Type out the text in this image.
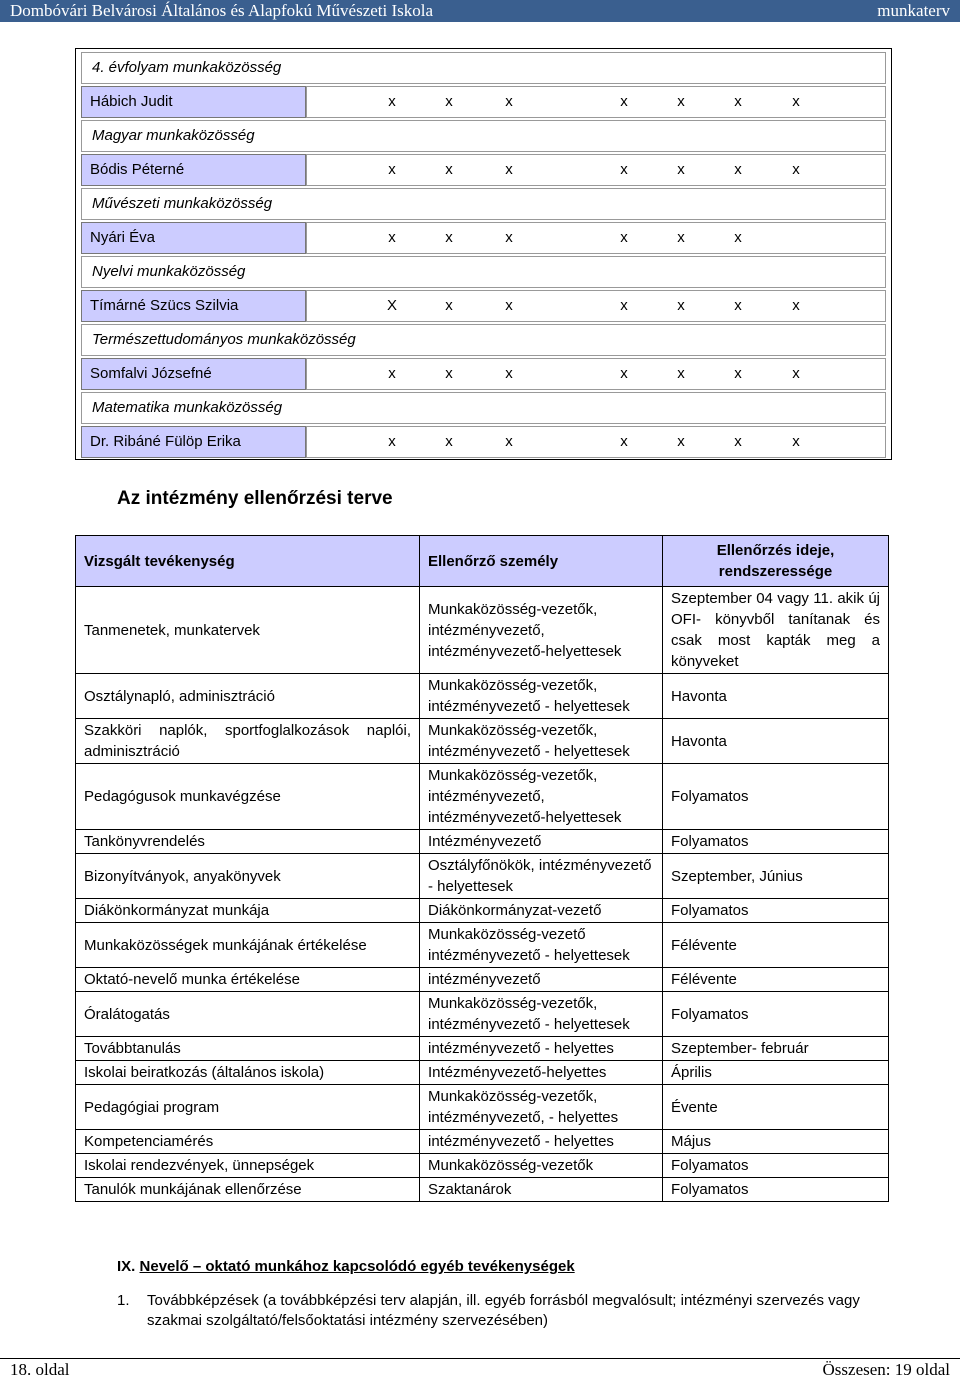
Dombóvári Belvárosi Általános és Alapfokú Művészeti Iskola	munkaterv
4. évfolyam munkaközösség
Hábich Judit	x	x	x	x	x	x	x
Magyar munkaközösség
Bódis Péterné	x	x	x	x	x	x	x
Művészeti munkaközösség
Nyári Éva	x	x	x	x	x	x
Nyelvi munkaközösség
Tímárné Szücs Szilvia	X	x	x	x	x	x	x
Természettudományos munkaközösség
Somfalvi Józsefné	x	x	x	x	x	x	x
Matematika munkaközösség
Dr. Ribáné Fülöp Erika	x	x	x	x	x	x	x
Az intézmény ellenőrzési terve
Vizsgált tevékenység	Ellenőrző személy	Ellenőrzés ideje, rendszeressége
Tanmenetek, munkatervek	Munkaközösség-vezetők, intézményvezető, intézményvezető-helyettesek	Szeptember 04 vagy 11. akik új OFI- könyvből tanítanak és csak most kapták meg a könyveket
Osztálynapló, adminisztráció	Munkaközösség-vezetők, intézményvezető - helyettesek	Havonta
Szakköri naplók, sportfoglalkozások naplói, adminisztráció	Munkaközösség-vezetők, intézményvezető - helyettesek	Havonta
Pedagógusok munkavégzése	Munkaközösség-vezetők, intézményvezető, intézményvezető-helyettesek	Folyamatos
Tankönyvrendelés	Intézményvezető	Folyamatos
Bizonyítványok, anyakönyvek	Osztályfőnökök, intézményvezető - helyettesek	Szeptember, Június
Diákönkormányzat munkája	Diákönkormányzat-vezető	Folyamatos
Munkaközösségek munkájának értékelése	Munkaközösség-vezető intézményvezető - helyettesek	Félévente
Oktató-nevelő munka értékelése	intézményvezető	Félévente
Óralátogatás	Munkaközösség-vezetők, intézményvezető - helyettesek	Folyamatos
Továbbtanulás	intézményvezető - helyettes	Szeptember- február
Iskolai beiratkozás (általános iskola)	Intézményvezető-helyettes	Április
Pedagógiai program	Munkaközösség-vezetők, intézményvezető, - helyettes	Évente
Kompetenciamérés	intézményvezető - helyettes	Május
Iskolai rendezvények, ünnepségek	Munkaközösség-vezetők	Folyamatos
Tanulók munkájának ellenőrzése	Szaktanárok	Folyamatos
IX. Nevelő – oktató munkához kapcsolódó egyéb tevékenységek
1. Továbbképzések (a továbbképzési terv alapján, ill. egyéb forrásból megvalósult; intézményi szervezés vagy szakmai szolgáltató/felsőoktatási intézmény szervezésében)
18. oldal	Összesen: 19 oldal
